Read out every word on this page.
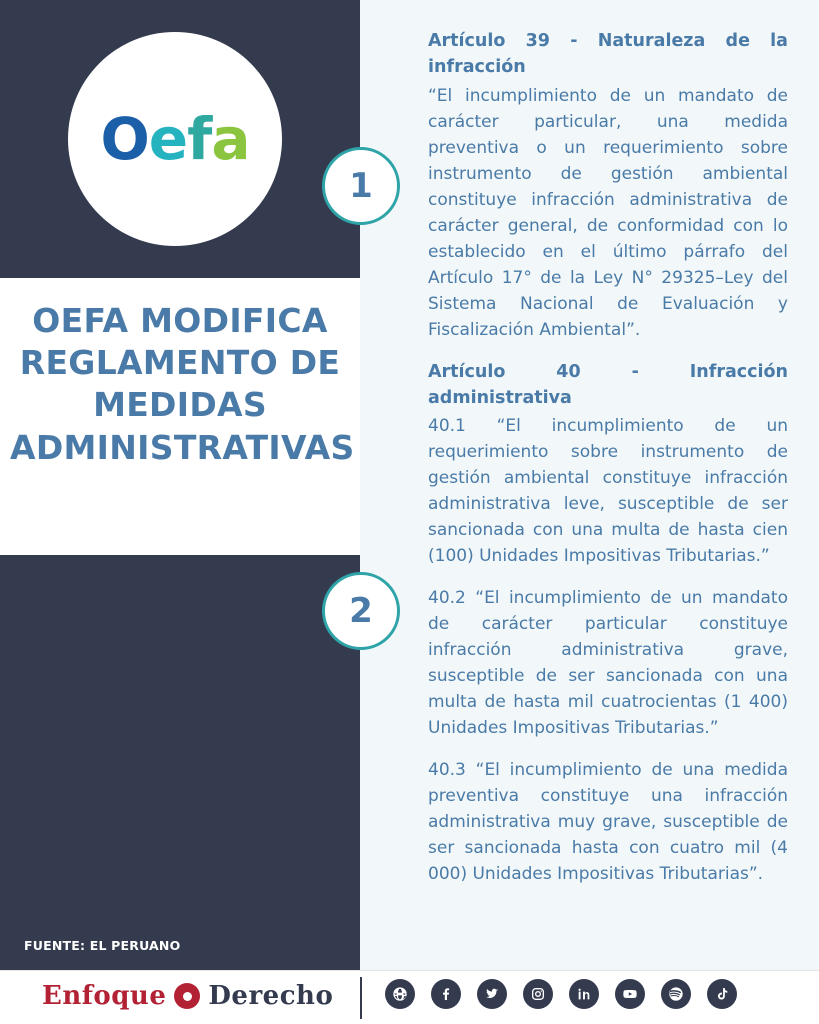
Oefa
OEFA MODIFICA REGLAMENTO DE MEDIDAS ADMINISTRATIVAS
FUENTE: EL PERUANO
Artículo 39 - Naturaleza de la infracción
“El incumplimiento de un mandato de carácter particular, una medida preventiva o un requerimiento sobre instrumento de gestión ambiental constituye infracción administrativa de carácter general, de conformidad con lo establecido en el último párrafo del Artículo 17° de la Ley N° 29325–Ley del Sistema Nacional de Evaluación y Fiscalización Ambiental”.
Artículo 40 - Infracción administrativa
40.1 “El incumplimiento de un requerimiento sobre instrumento de gestión ambiental constituye infracción administrativa leve, susceptible de ser sancionada con una multa de hasta cien (100) Unidades Impositivas Tributarias.”
40.2 “El incumplimiento de un mandato de carácter particular constituye infracción administrativa grave, susceptible de ser sancionada con una multa de hasta mil cuatrocientas (1 400) Unidades Impositivas Tributarias.”
40.3 “El incumplimiento de una medida preventiva constituye una infracción administrativa muy grave, susceptible de ser sancionada hasta con cuatro mil (4 000) Unidades Impositivas Tributarias”.
1
2
Enfoque Derecho
